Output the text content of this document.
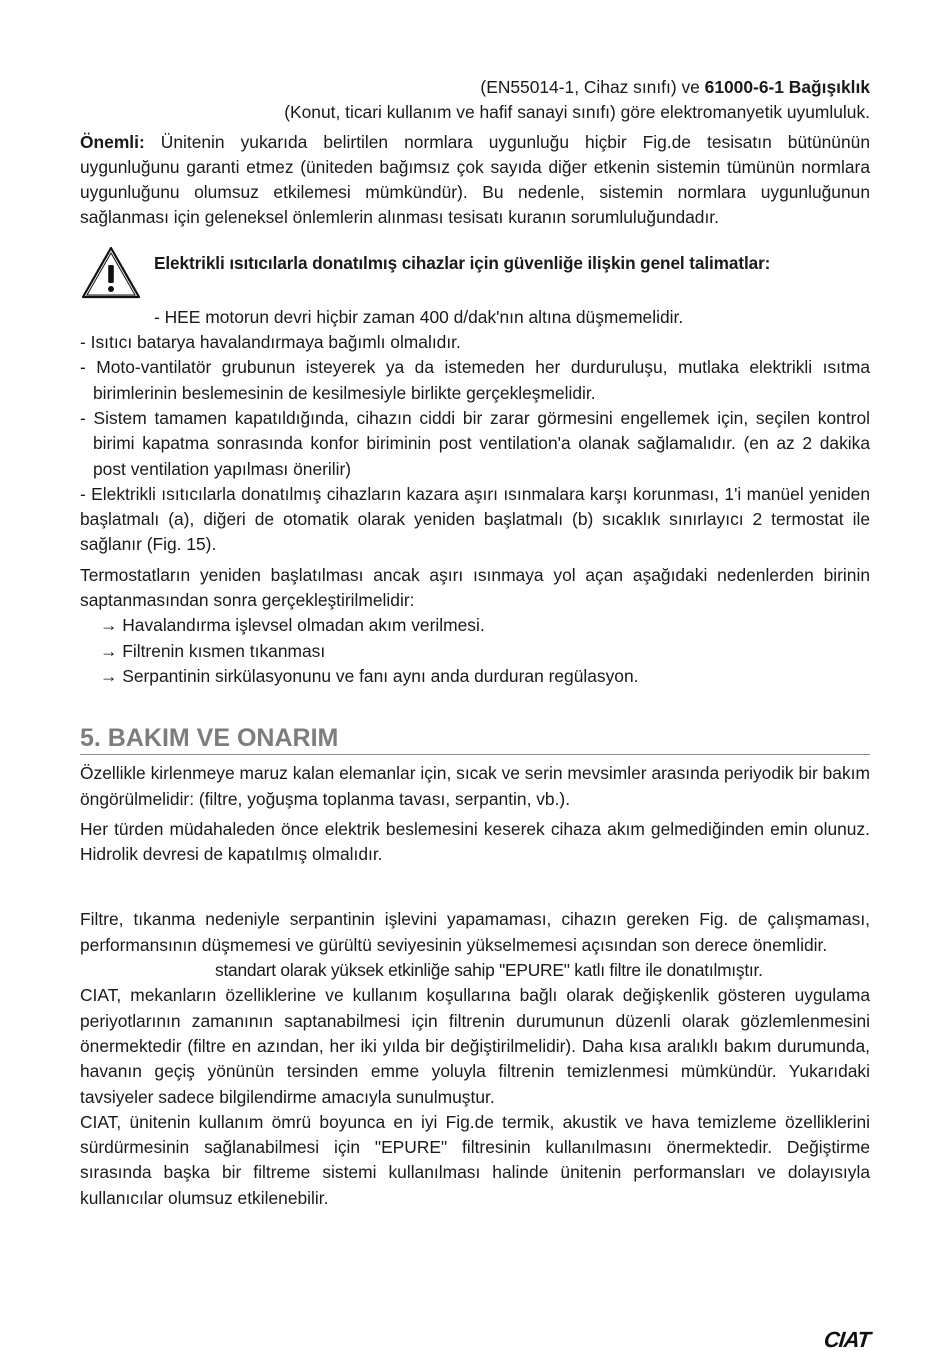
(EN55014-1, Cihaz sınıfı) ve 61000-6-1 Bağışıklık

(Konut, ticari kullanım ve hafif sanayi sınıfı) göre elektromanyetik uyumluluk.

Önemli: Ünitenin yukarıda belirtilen normlara uygunluğu hiçbir Fig.de tesisatın bütününün uygunluğunu garanti etmez (üniteden bağımsız çok sayıda diğer etkenin sistemin tümünün normlara uygunluğunu olumsuz etkilemesi mümkündür). Bu nedenle, sistemin normlara uygunluğunun sağlanması için geleneksel önlemlerin alınması tesisatı kuranın sorumluluğundadır.

Elektrikli ısıtıcılarla donatılmış cihazlar için güvenliğe ilişkin genel talimatlar:

- HEE motorun devri hiçbir zaman 400 d/dak'nın altına düşmemelidir.

- Isıtıcı batarya havalandırmaya bağımlı olmalıdır.

- Moto-vantilatör grubunun isteyerek ya da istemeden her durduruluşu, mutlaka elektrikli ısıtma birimlerinin beslemesinin de kesilmesiyle birlikte gerçekleşmelidir.

- Sistem tamamen kapatıldığında, cihazın ciddi bir zarar görmesini engellemek için, seçilen kontrol birimi kapatma sonrasında konfor biriminin post ventilation'a olanak sağlamalıdır. (en az 2 dakika post ventilation yapılması önerilir)

- Elektrikli ısıtıcılarla donatılmış cihazların kazara aşırı ısınmalara karşı korunması, 1'i manüel yeniden başlatmalı (a), diğeri de otomatik olarak yeniden başlatmalı (b) sıcaklık sınırlayıcı 2 termostat ile sağlanır (Fig. 15).

Termostatların yeniden başlatılması ancak aşırı ısınmaya yol açan aşağıdaki nedenlerden birinin saptanmasından sonra gerçekleştirilmelidir:

→ Havalandırma işlevsel olmadan akım verilmesi.

→ Filtrenin kısmen tıkanması

→ Serpantinin sirkülasyonunu ve fanı aynı anda durduran regülasyon.

5. BAKIM VE ONARIM

Özellikle kirlenmeye maruz kalan elemanlar için, sıcak ve serin mevsimler arasında periyodik bir bakım öngörülmelidir: (filtre, yoğuşma toplanma tavası, serpantin, vb.).

Her türden müdahaleden önce elektrik beslemesini keserek cihaza akım gelmediğinden emin olunuz. Hidrolik devresi de kapatılmış olmalıdır.

Filtre, tıkanma nedeniyle serpantinin işlevini yapamaması, cihazın gereken Fig. de çalışmaması, performansının düşmemesi ve gürültü seviyesinin yükselmemesi açısından son derece önemlidir.

standart olarak yüksek etkinliğe sahip "EPURE" katlı filtre ile donatılmıştır.

CIAT, mekanların özelliklerine ve kullanım koşullarına bağlı olarak değişkenlik gösteren uygulama periyotlarının zamanının saptanabilmesi için filtrenin durumunun düzenli olarak gözlemlenmesini önermektedir (filtre en azından, her iki yılda bir değiştirilmelidir). Daha kısa aralıklı bakım durumunda, havanın geçiş yönünün tersinden emme yoluyla filtrenin temizlenmesi mümkündür. Yukarıdaki tavsiyeler sadece bilgilendirme amacıyla sunulmuştur.

CIAT, ünitenin kullanım ömrü boyunca en iyi Fig.de termik, akustik ve hava temizleme özelliklerini sürdürmesinin sağlanabilmesi için "EPURE" filtresinin kullanılmasını önermektedir. Değiştirme sırasında başka bir filtreme sistemi kullanılması halinde ünitenin performansları ve dolayısıyla kullanıcılar olumsuz etkilenebilir.

CIAT
